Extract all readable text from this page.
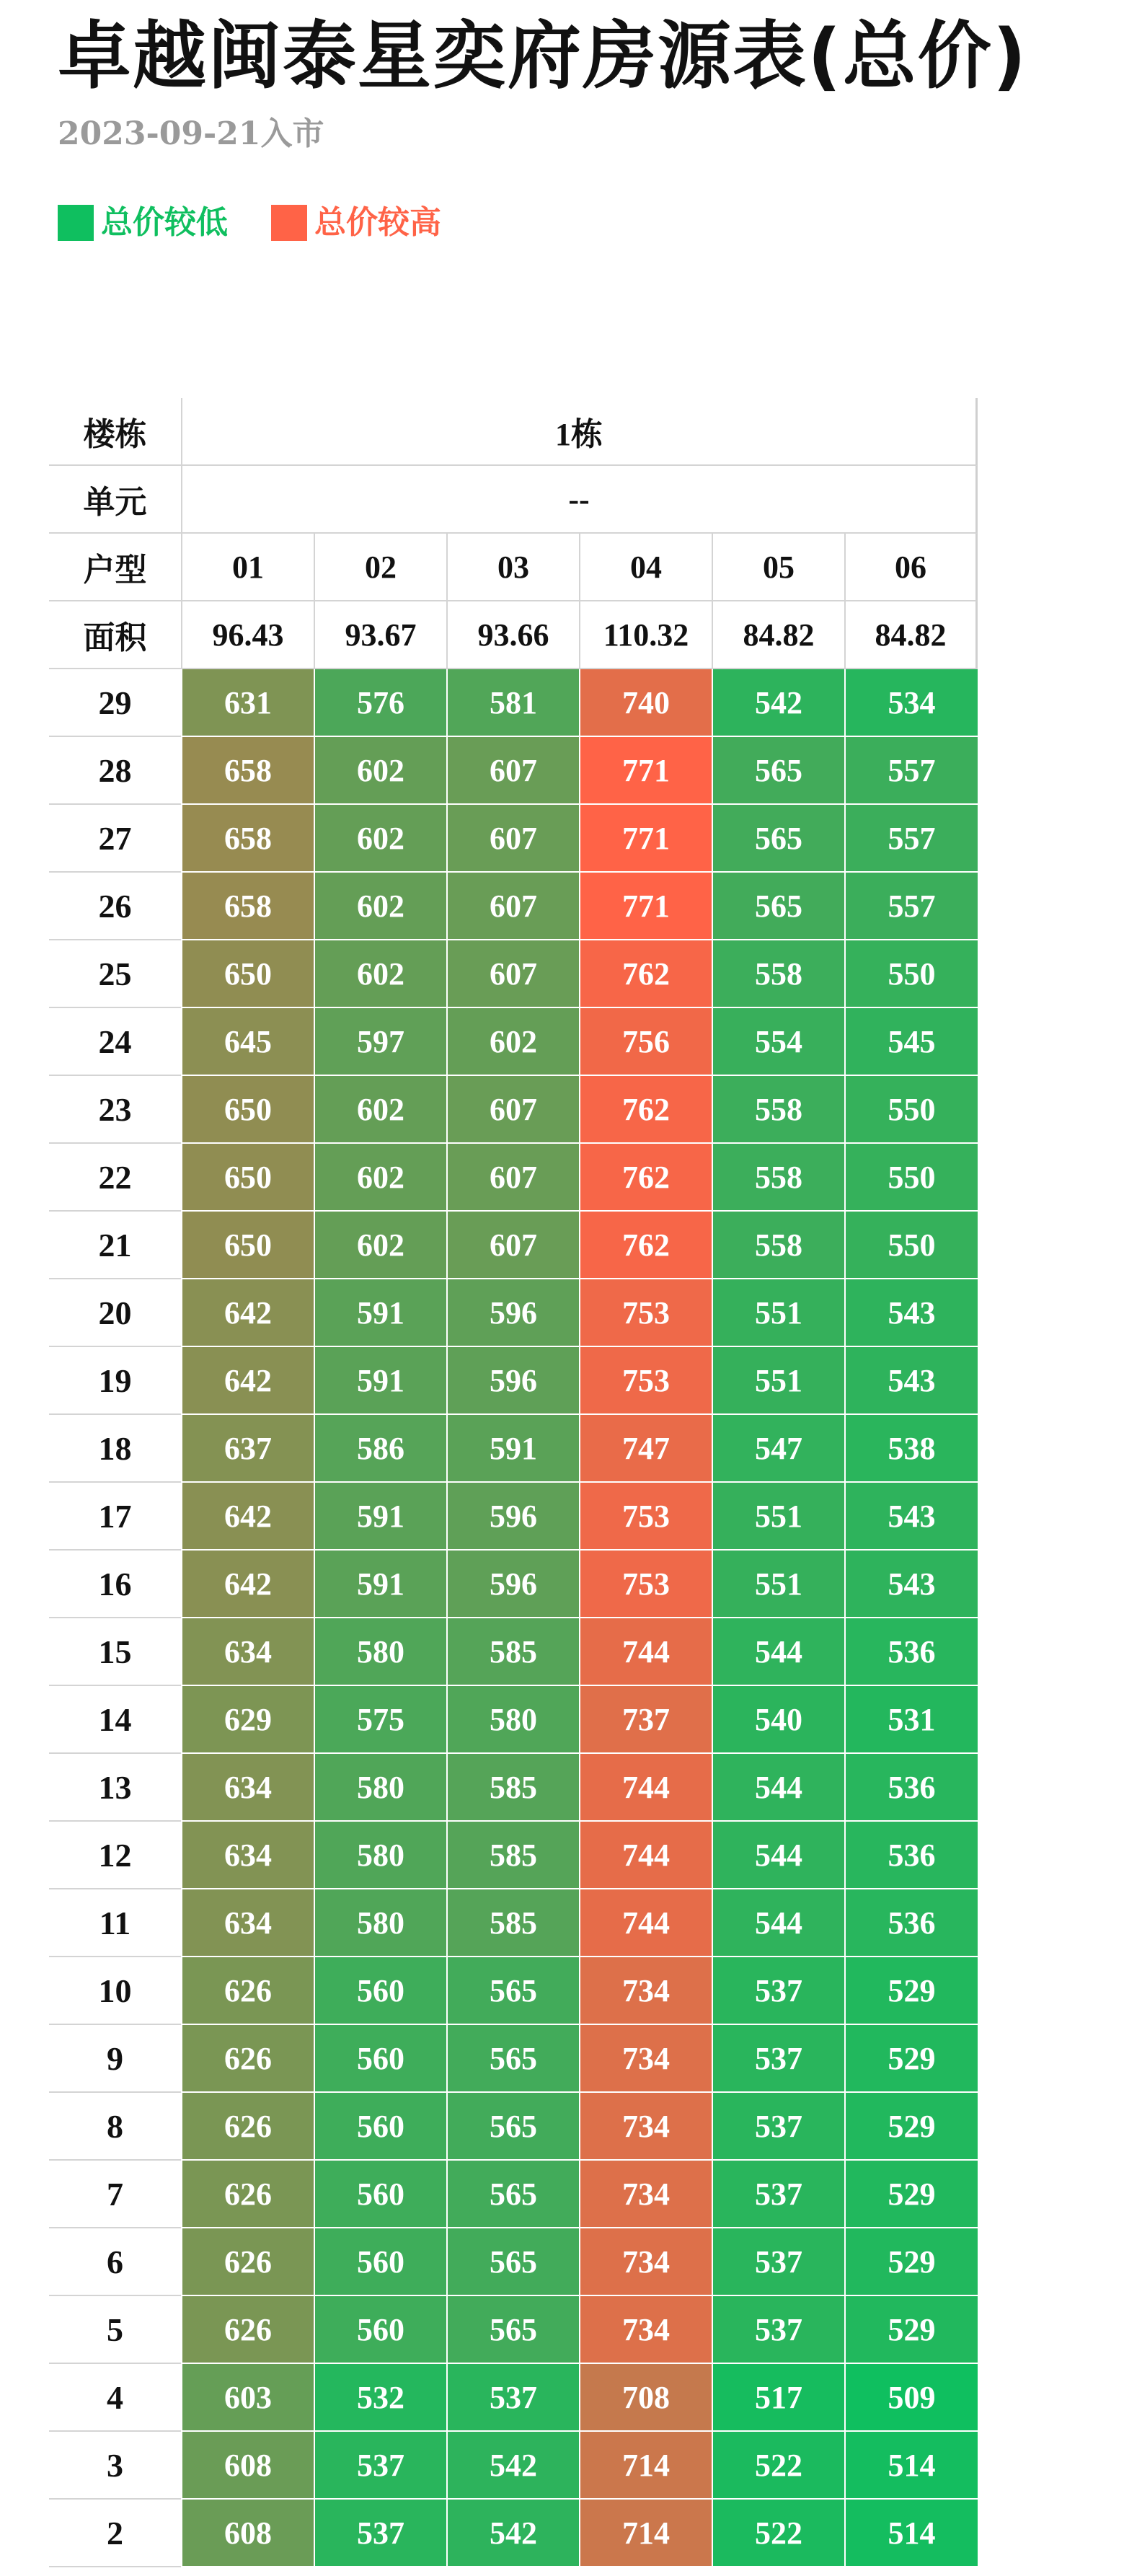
卓越闽泰星奕府房源表(总价)
2023-09-21入市
总价较低	总价较高
楼栋	1栋
单元	--
户型	01	02	03	04	05	06
面积	96.43	93.67	93.66	110.32	84.82	84.82
29	631	576	581	740	542	534
28	658	602	607	771	565	557
27	658	602	607	771	565	557
26	658	602	607	771	565	557
25	650	602	607	762	558	550
24	645	597	602	756	554	545
23	650	602	607	762	558	550
22	650	602	607	762	558	550
21	650	602	607	762	558	550
20	642	591	596	753	551	543
19	642	591	596	753	551	543
18	637	586	591	747	547	538
17	642	591	596	753	551	543
16	642	591	596	753	551	543
15	634	580	585	744	544	536
14	629	575	580	737	540	531
13	634	580	585	744	544	536
12	634	580	585	744	544	536
11	634	580	585	744	544	536
10	626	560	565	734	537	529
9	626	560	565	734	537	529
8	626	560	565	734	537	529
7	626	560	565	734	537	529
6	626	560	565	734	537	529
5	626	560	565	734	537	529
4	603	532	537	708	517	509
3	608	537	542	714	522	514
2	608	537	542	714	522	514
